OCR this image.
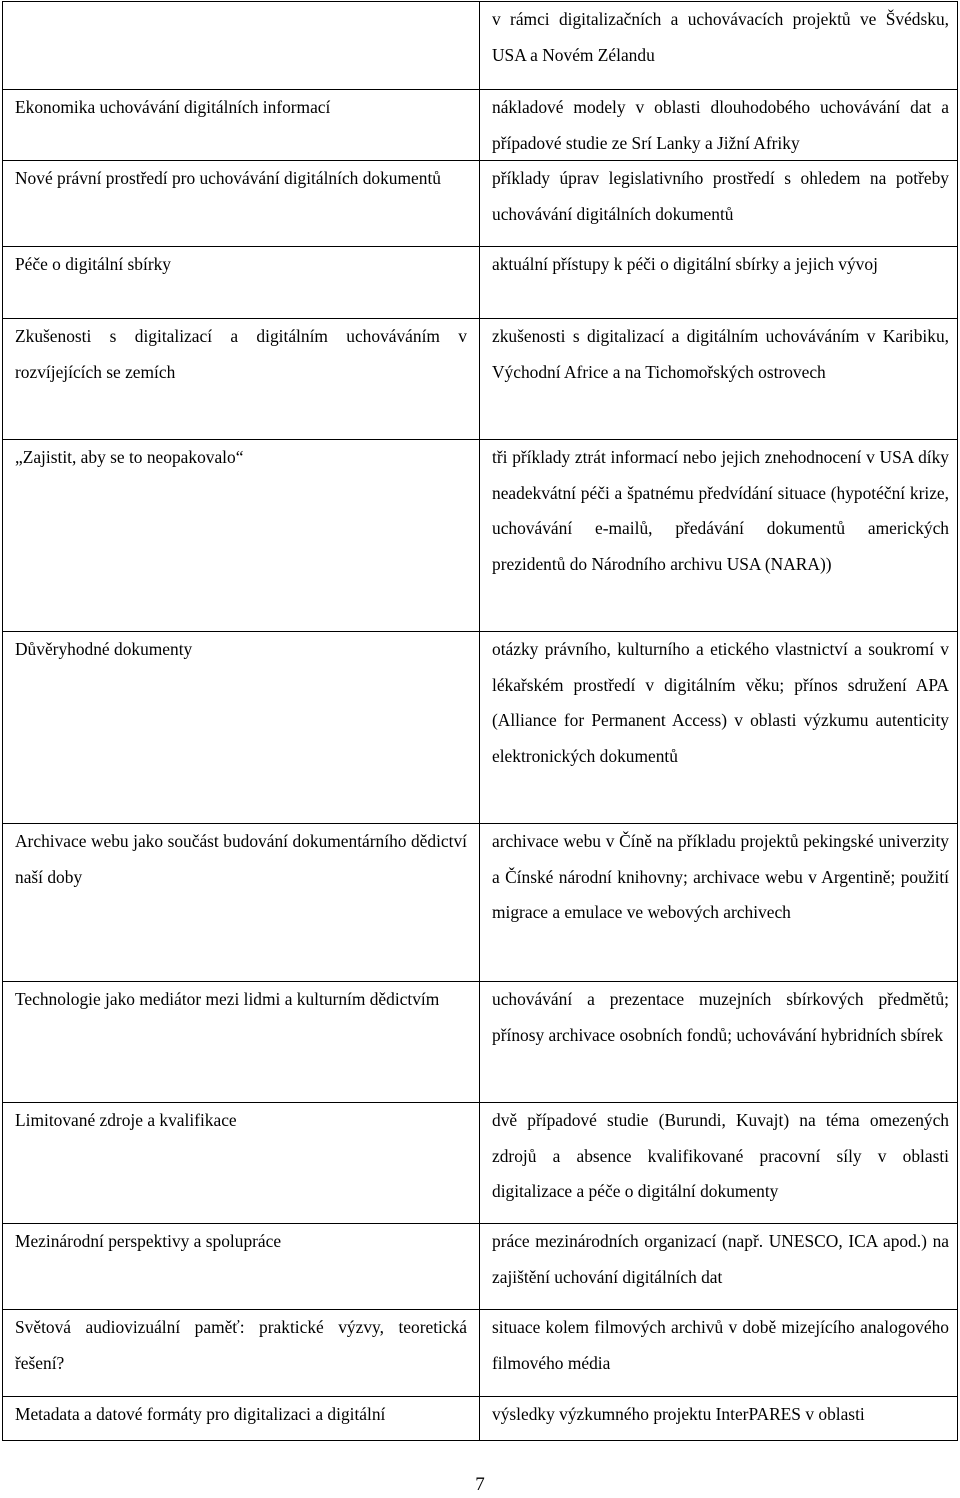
	v rámci digitalizačních a uchovávacích projektů ve Švédsku, USA a Novém Zélandu

Ekonomika uchovávání digitálních informací	nákladové modely v oblasti dlouhodobého uchovávání dat a případové studie ze Srí Lanky a Jižní Afriky

Nové právní prostředí pro uchovávání digitálních dokumentů	příklady úprav legislativního prostředí s ohledem na potřeby uchovávání digitálních dokumentů

Péče o digitální sbírky	aktuální přístupy k péči o digitální sbírky a jejich vývoj

Zkušenosti s digitalizací a digitálním uchováváním v rozvíjejících se zemích	zkušenosti s digitalizací a digitálním uchováváním v Karibiku, Východní Africe a na Tichomořských ostrovech

„Zajistit, aby se to neopakovalo“	tři příklady ztrát informací nebo jejich znehodnocení v USA díky neadekvátní péči a špatnému předvídání situace (hypotéční krize, uchovávání e-mailů, předávání dokumentů amerických prezidentů do Národního archivu USA (NARA))

Důvěryhodné dokumenty	otázky právního, kulturního a etického vlastnictví a soukromí v lékařském prostředí v digitálním věku; přínos sdružení APA (Alliance for Permanent Access) v oblasti výzkumu autenticity elektronických dokumentů

Archivace webu jako součást budování dokumentárního dědictví naší doby	archivace webu v Číně na příkladu projektů pekingské univerzity a Čínské národní knihovny; archivace webu v Argentině; použití migrace a emulace ve webových archivech

Technologie jako mediátor mezi lidmi a kulturním dědictvím	uchovávání a prezentace muzejních sbírkových předmětů; přínosy archivace osobních fondů; uchovávání hybridních sbírek

Limitované zdroje a kvalifikace	dvě případové studie (Burundi, Kuvajt) na téma omezených zdrojů a absence kvalifikované pracovní síly v oblasti digitalizace a péče o digitální dokumenty

Mezinárodní perspektivy a spolupráce	práce mezinárodních organizací (např. UNESCO, ICA apod.) na zajištění uchování digitálních dat

Světová audiovizuální paměť: praktické výzvy, teoretická řešení?	situace kolem filmových archivů v době mizejícího analogového filmového média

Metadata a datové formáty pro digitalizaci a digitální	výsledky výzkumného projektu InterPARES v oblasti
7
